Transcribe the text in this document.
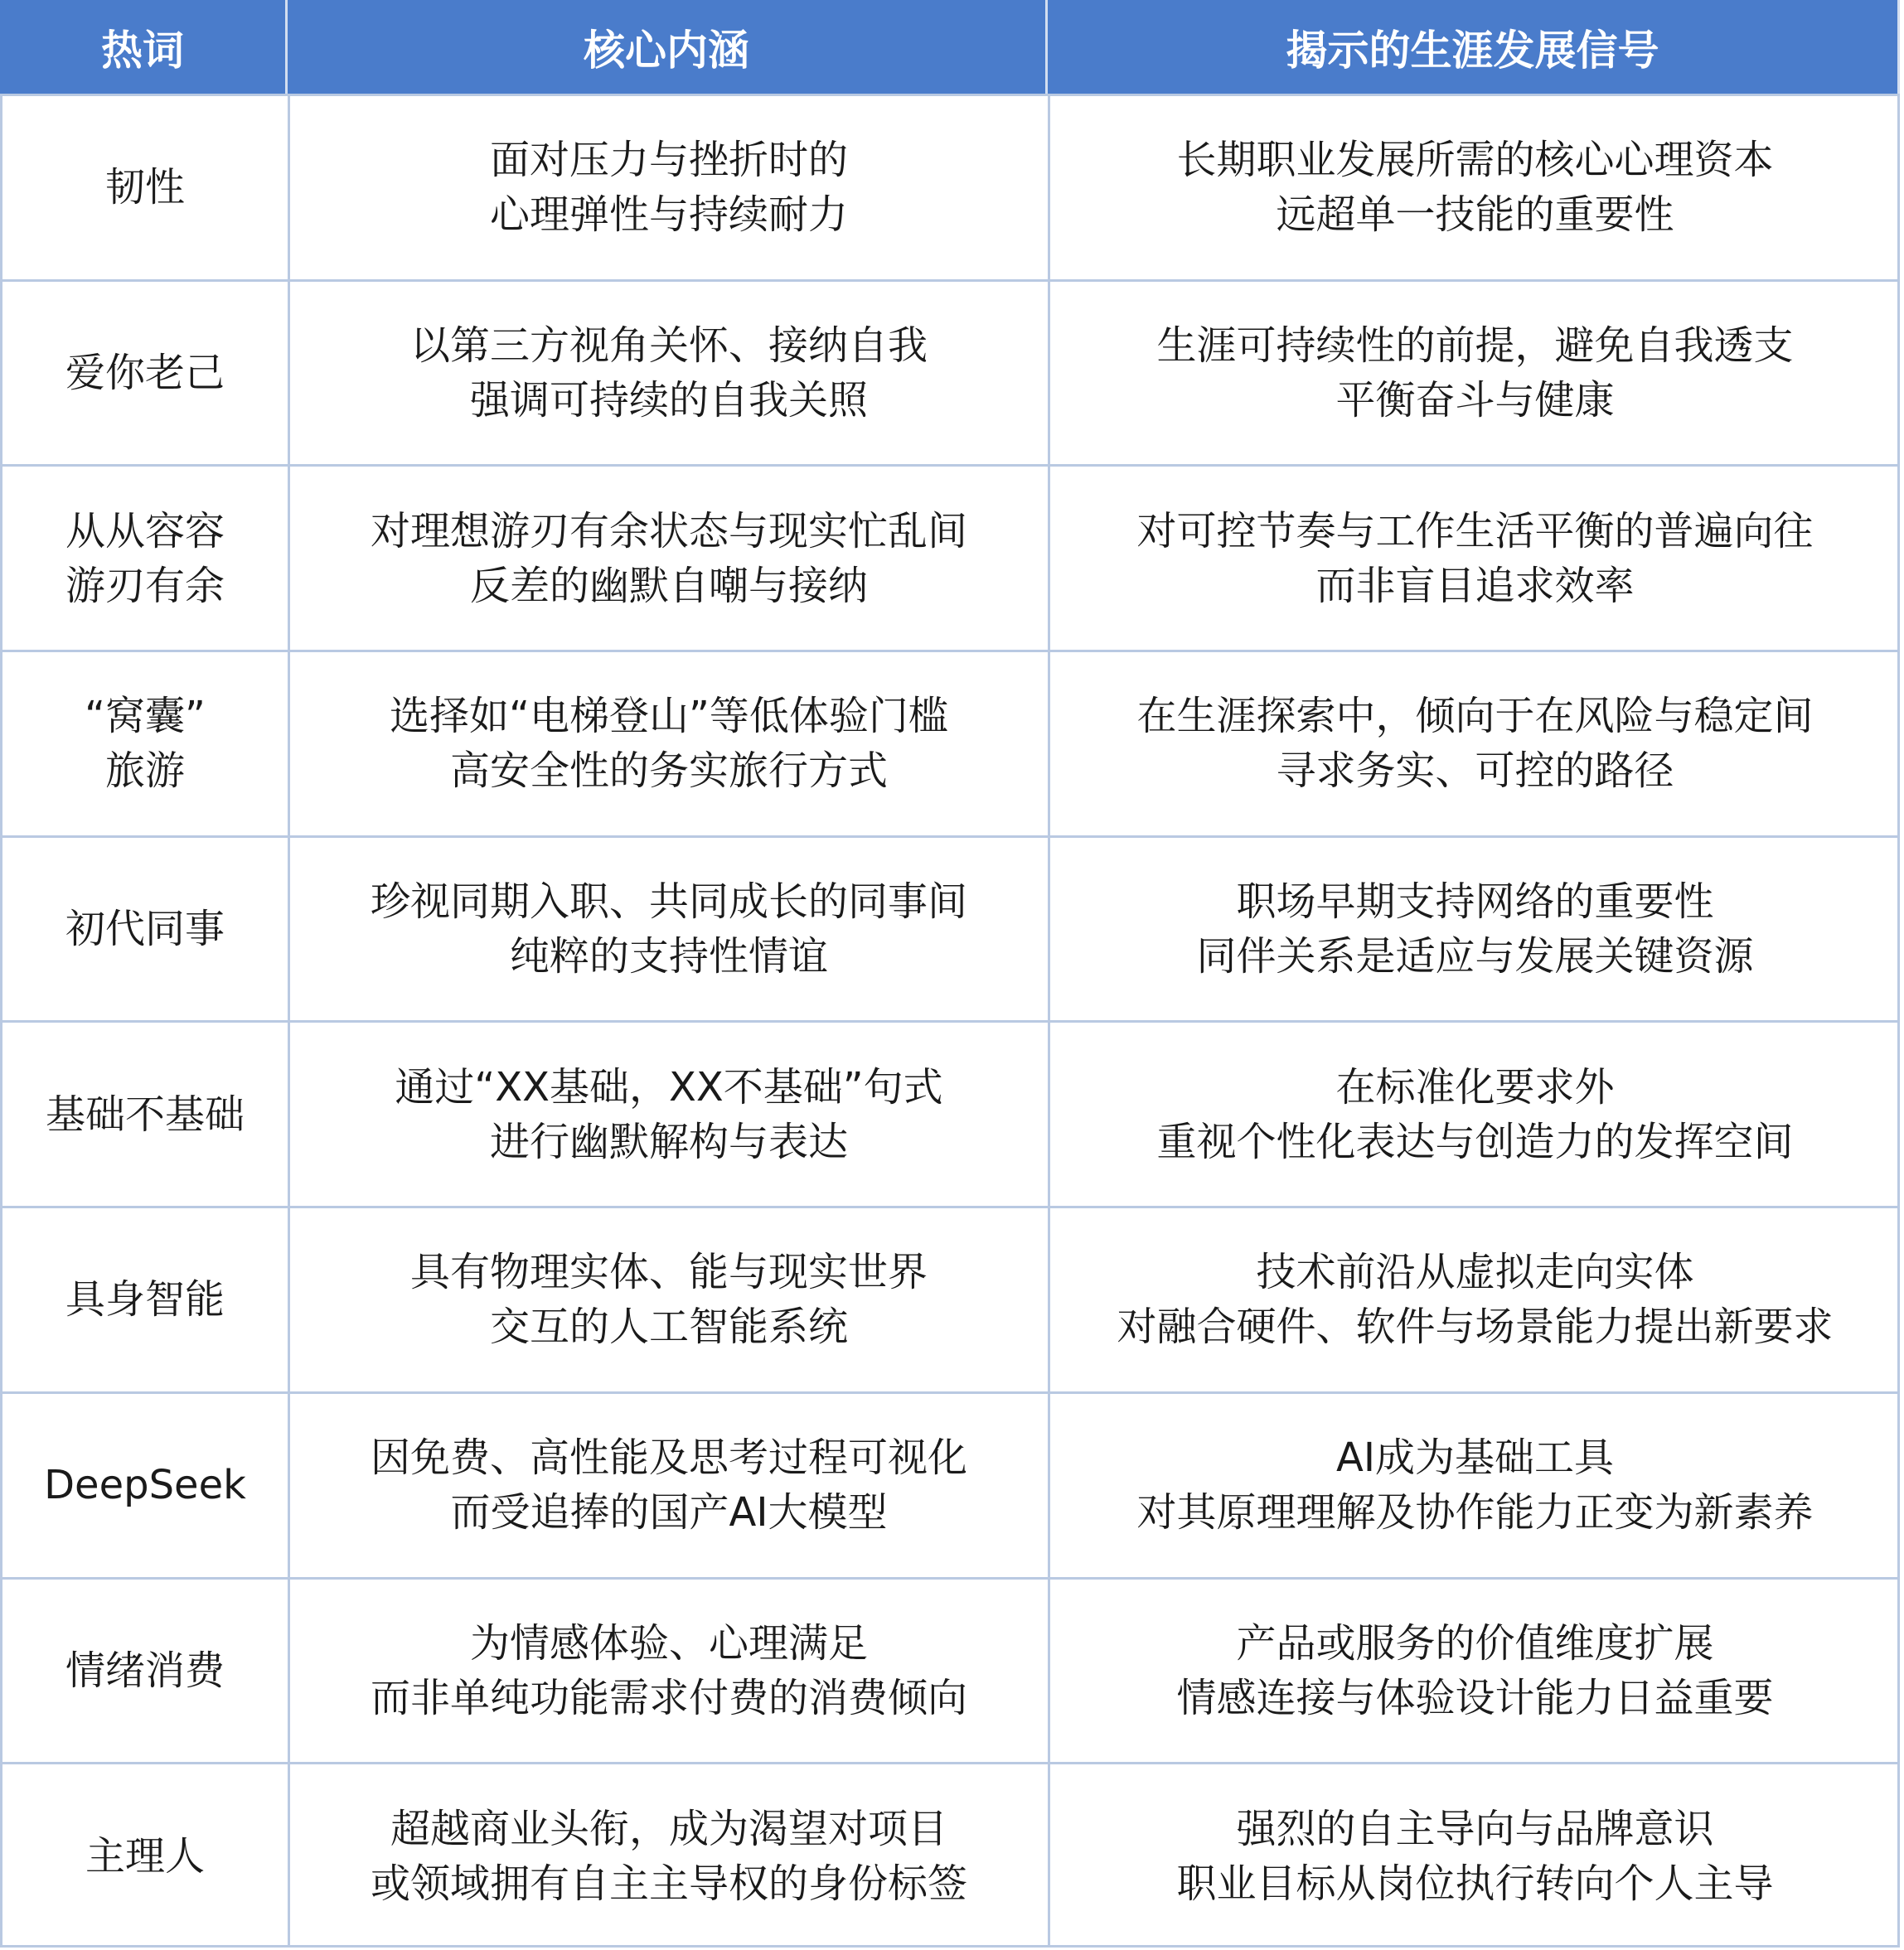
热词	核心内涵	揭示的生涯发展信号
韧性
面对压力与挫折时的
心理弹性与持续耐力
长期职业发展所需的核心心理资本
远超单一技能的重要性
爱你老己
以第三方视角关怀、接纳自我
强调可持续的自我关照
生涯可持续性的前提，避免自我透支
平衡奋斗与健康
从从容容
游刃有余
对理想游刃有余状态与现实忙乱间
反差的幽默自嘲与接纳
对可控节奏与工作生活平衡的普遍向往
而非盲目追求效率
“窝囊”
旅游
选择如“电梯登山”等低体验门槛
高安全性的务实旅行方式
在生涯探索中，倾向于在风险与稳定间
寻求务实、可控的路径
初代同事
珍视同期入职、共同成长的同事间
纯粹的支持性情谊
职场早期支持网络的重要性
同伴关系是适应与发展关键资源
基础不基础
通过“XX基础，XX不基础”句式
进行幽默解构与表达
在标准化要求外
重视个性化表达与创造力的发挥空间
具身智能
具有物理实体、能与现实世界
交互的人工智能系统
技术前沿从虚拟走向实体
对融合硬件、软件与场景能力提出新要求
DeepSeek
因免费、高性能及思考过程可视化
而受追捧的国产AI大模型
AI成为基础工具
对其原理理解及协作能力正变为新素养
情绪消费
为情感体验、心理满足
而非单纯功能需求付费的消费倾向
产品或服务的价值维度扩展
情感连接与体验设计能力日益重要
主理人
超越商业头衔，成为渴望对项目
或领域拥有自主主导权的身份标签
强烈的自主导向与品牌意识
职业目标从岗位执行转向个人主导
